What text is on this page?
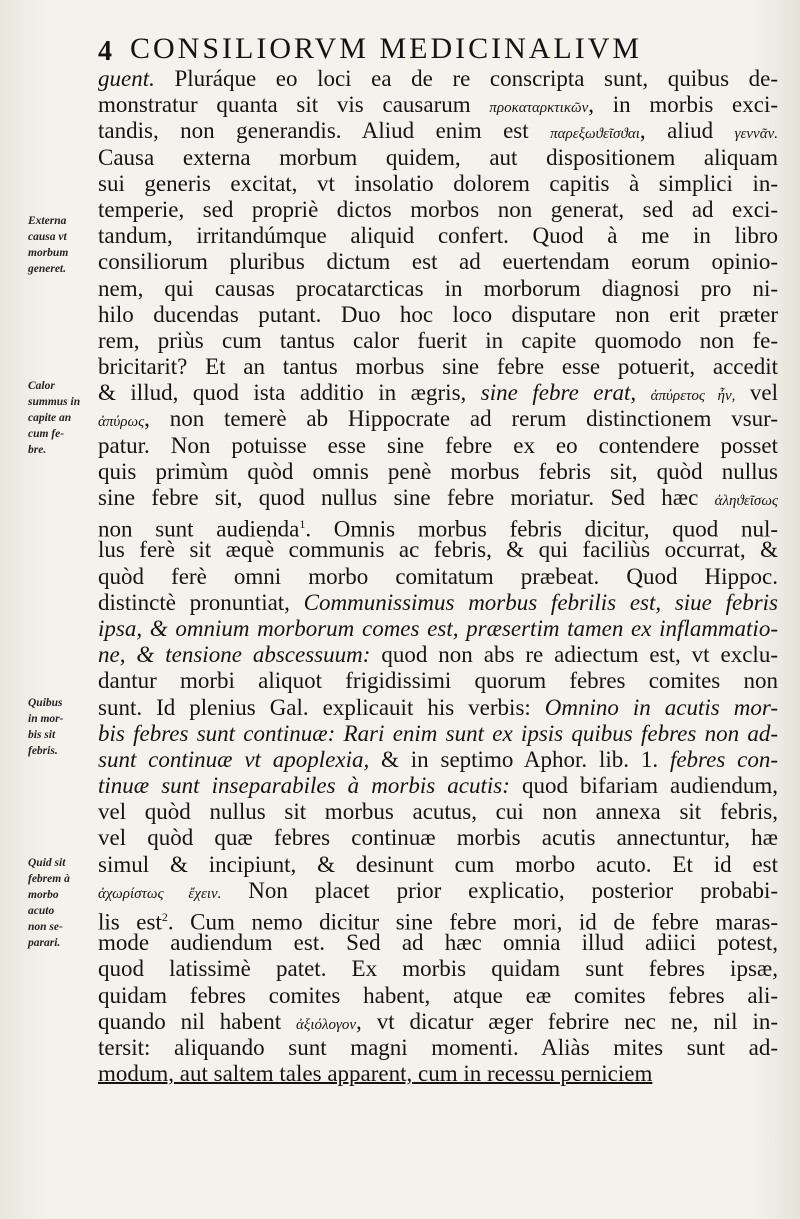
4 CONSILIORVM MEDICINALIVM
Externa
causa vt
morbum
generet.
Calor
summus in
capite an
cum fe-
bre.
Quibus
in mor-
bis sit
febris.
Quid sit
febrem à
morbo
acuto
non se-
parari.
guent. Pluráque eo loci ea de re conscripta sunt, quibus de-
monstratur quanta sit vis causarum προκαταρκτικῶν, in morbis exci-
tandis, non generandis. Aliud enim est παρεξωϑεῖσϑαι, aliud γεννᾶν.
Causa externa morbum quidem, aut dispositionem aliquam
sui generis excitat, vt insolatio dolorem capitis à simplici in-
temperie, sed propriè dictos morbos non generat, sed ad exci-
tandum, irritandúmque aliquid confert. Quod à me in libro
consiliorum pluribus dictum est ad euertendam eorum opinio-
nem, qui causas procatarcticas in morborum diagnosi pro ni-
hilo ducendas putant. Duo hoc loco disputare non erit præter
rem, priùs cum tantus calor fuerit in capite quomodo non fe-
bricitarit? Et an tantus morbus sine febre esse potuerit, accedit
& illud, quod ista additio in ægris, sine febre erat, ἀπύρετος ἦν, vel
ἀπύρως, non temerè ab Hippocrate ad rerum distinctionem vsur-
patur. Non potuisse esse sine febre ex eo contendere posset
quis primùm quòd omnis penè morbus febris sit, quòd nullus
sine febre sit, quod nullus sine febre moriatur. Sed hæc ἀληϑεῖσως
non sunt audienda$^1$. Omnis morbus febris dicitur, quod nul-
lus ferè sit æquè communis ac febris, & qui faciliùs occurrat, &
quòd ferè omni morbo comitatum præbeat. Quod Hippoc.
distinctè pronuntiat, Communissimus morbus febrilis est, siue febris
ipsa, & omnium morborum comes est, præsertim tamen ex inflammatio-
ne, & tensione abscessuum: quod non abs re adiectum est, vt exclu-
dantur morbi aliquot frigidissimi quorum febres comites non
sunt. Id plenius Gal. explicauit his verbis: Omnino in acutis mor-
bis febres sunt continuæ: Rari enim sunt ex ipsis quibus febres non ad-
sunt continuæ vt apoplexia, & in septimo Aphor. lib. 1. febres con-
tinuæ sunt inseparabiles à morbis acutis: quod bifariam audiendum,
vel quòd nullus sit morbus acutus, cui non annexa sit febris,
vel quòd quæ febres continuæ morbis acutis annectuntur, hæ
simul & incipiunt, & desinunt cum morbo acuto. Et id est
ἀχωρίστως ἔχειν. Non placet prior explicatio, posterior probabi-
lis est$^2$. Cum nemo dicitur sine febre mori, id de febre maras-
mode audiendum est. Sed ad hæc omnia illud adiici potest,
quod latissimè patet. Ex morbis quidam sunt febres ipsæ,
quidam febres comites habent, atque eæ comites febres ali-
quando nil habent ἀξιόλογον, vt dicatur æger febrire nec ne, nil in-
tersit: aliquando sunt magni momenti. Aliàs mites sunt ad-
modum, aut saltem tales apparent, cum in recessu perniciem
